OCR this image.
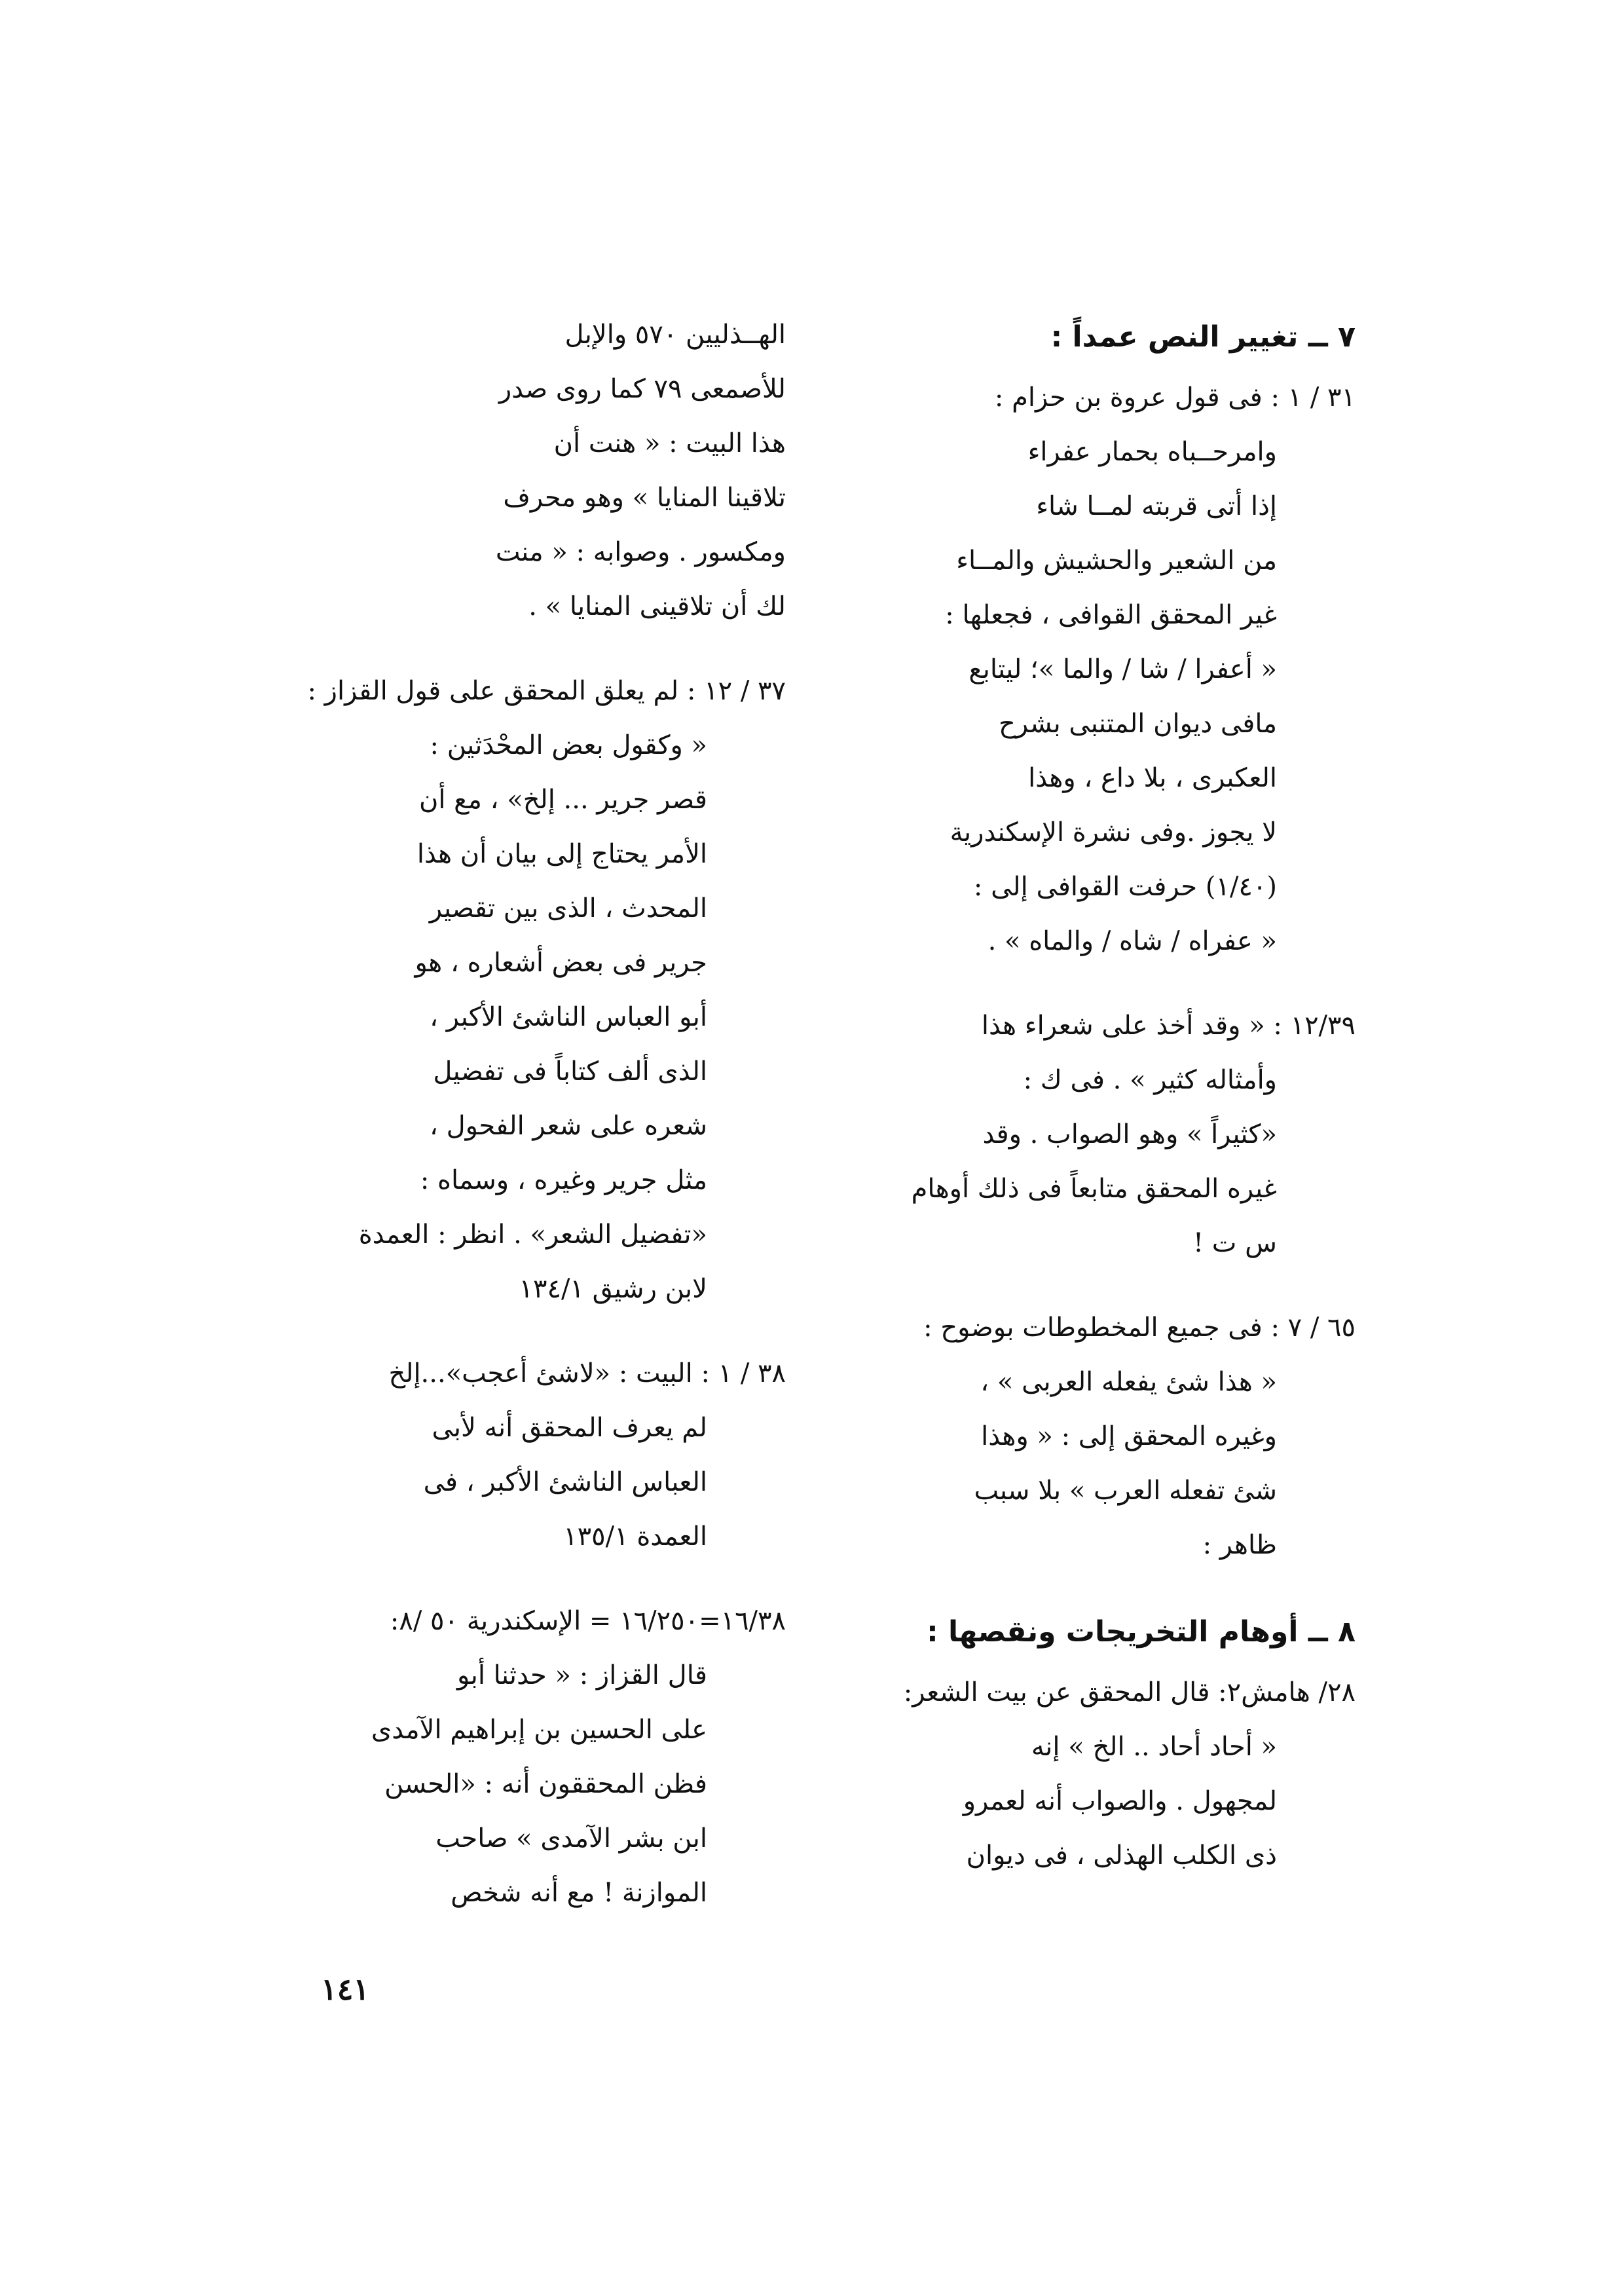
٧ ــ تغيير النص عمداً :
٣١ / ١ : فى قول عروة بن حزام :
وامرحــباه بحمار عفراء
إذا أتى قربته لمــا شاء
من الشعير والحشيش والمــاء
غير المحقق القوافى ، فجعلها :
« أعفرا / شا / والما »؛ ليتابع
مافى ديوان المتنبى بشرح
العكبرى ، بلا داع ، وهذا
لا يجوز .وفى نشرة الإسكندرية
(١/٤٠) حرفت القوافى إلى :
« عفراه / شاه / والماه » .
١٢/٣٩ : « وقد أخذ على شعراء هذا
وأمثاله كثير » . فى ك :
«كثيراً » وهو الصواب . وقد
غيره المحقق متابعاً فى ذلك أوهام
س ت !
٦٥ / ٧ : فى جميع المخطوطات بوضوح :
« هذا شئ يفعله العربى » ،
وغيره المحقق إلى : « وهذا
شئ تفعله العرب » بلا سبب
ظاهر :
٨ ــ أوهام التخريجات ونقصها :
٢٨/ هامش٢: قال المحقق عن بيت الشعر:
« أحاد أحاد .. الخ » إنه
لمجهول . والصواب أنه لعمرو
ذى الكلب الهذلى ، فى ديوان
الهــذليين ٥٧٠ والإبل
للأصمعى ٧٩ كما روى صدر
هذا البيت : « هنت أن
تلاقينا المنايا » وهو محرف
ومكسور . وصوابه : « منت
لك أن تلاقينى المنايا » .
٣٧ / ١٢ : لم يعلق المحقق على قول القزاز :
« وكقول بعض المحْدَثين :
قصر جرير ... إلخ» ، مع أن
الأمر يحتاج إلى بيان أن هذا
المحدث ، الذى بين تقصير
جرير فى بعض أشعاره ، هو
أبو العباس الناشئ الأكبر ،
الذى ألف كتاباً فى تفضيل
شعره على شعر الفحول ،
مثل جرير وغيره ، وسماه :
«تفضيل الشعر» . انظر : العمدة
لابن رشيق ١٣٤/١
٣٨ / ١ : البيت : «لاشئ أعجب»...إلخ
لم يعرف المحقق أنه لأبى
العباس الناشئ الأكبر ، فى
العمدة ١٣٥/١
١٦/٣٨=١٦/٢٥٠ = الإسكندرية ٥٠ /٨:
قال القزاز : « حدثنا أبو
على الحسين بن إبراهيم الآمدى
فظن المحققون أنه : «الحسن
ابن بشر الآمدى » صاحب
الموازنة ! مع أنه شخص
١٤١
